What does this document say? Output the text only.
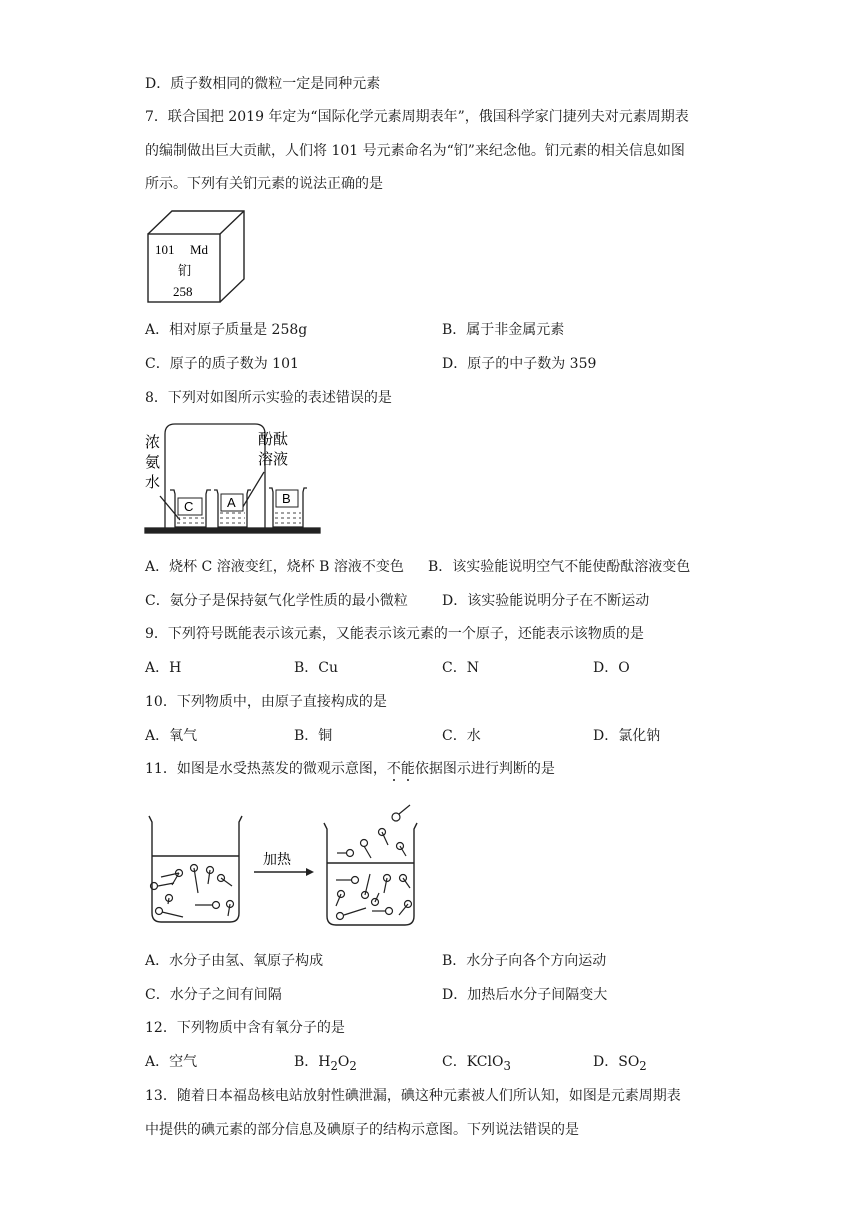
D．质子数相同的微粒一定是同种元素
7．联合国把 2019 年定为“国际化学元素周期表年”，俄国科学家门捷列夫对元素周期表
的编制做出巨大贡献，人们将 101 号元素命名为“钔”来纪念他。钔元素的相关信息如图
所示。下列有关钔元素的说法正确的是
101 Md
钔
258
A．相对原子质量是 258g	B．属于非金属元素
C．原子的质子数为 101	D．原子的中子数为 359
8．下列对如图所示实验的表述错误的是
C	A	B
浓
氨
水
酚酞
溶液
A．烧杯 C 溶液变红，烧杯 B 溶液不变色 B．该实验能说明空气不能使酚酞溶液变色
C．氨分子是保持氨气化学性质的最小微粒 D．该实验能说明分子在不断运动
9．下列符号既能表示该元素，又能表示该元素的一个原子，还能表示该物质的是
A．H	B．Cu	C．N	D．O
10．下列物质中，由原子直接构成的是
A．氧气	B．铜	C．水	D．氯化钠
11．如图是水受热蒸发的微观示意图，不能依据图示进行判断的是
加热
A．水分子由氢、氧原子构成	B．水分子向各个方向运动
C．水分子之间有间隔	D．加热后水分子间隔变大
12．下列物质中含有氧分子的是
A．空气	B．$H_2O_2$	C．KClO$_3$	D．$SO_2$
13．随着日本福岛核电站放射性碘泄漏，碘这种元素被人们所认知，如图是元素周期表
中提供的碘元素的部分信息及碘原子的结构示意图。下列说法错误的是
